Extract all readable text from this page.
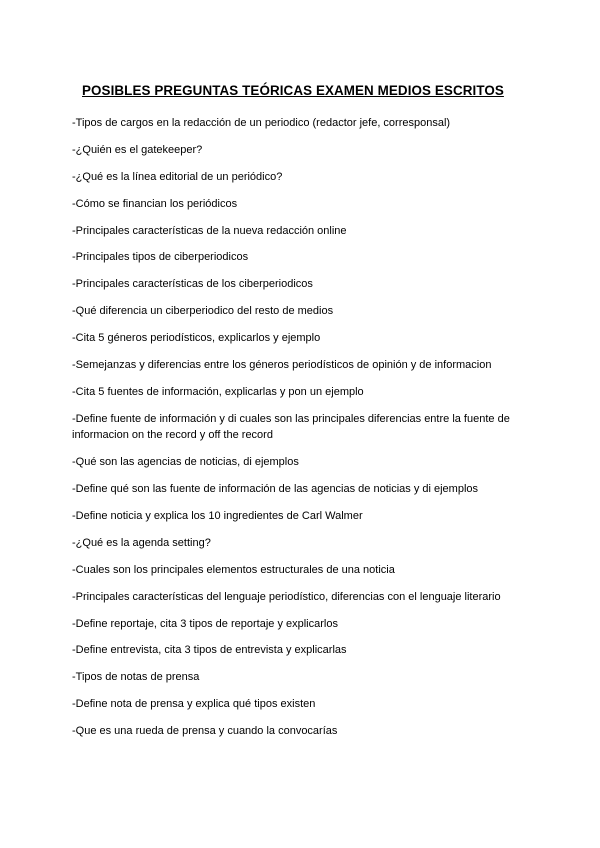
POSIBLES PREGUNTAS TEÓRICAS EXAMEN MEDIOS ESCRITOS
-Tipos de cargos en la redacción de un periodico (redactor jefe, corresponsal)
-¿Quién es el gatekeeper?
-¿Qué es la línea editorial de un periódico?
-Cómo se financian los periódicos
-Principales características de la nueva redacción online
-Principales tipos de ciberperiodicos
-Principales características de los ciberperiodicos
-Qué diferencia un ciberperiodico del resto de medios
-Cita 5 géneros periodísticos, explicarlos y ejemplo
-Semejanzas y diferencias entre los géneros periodísticos de opinión y de informacion
-Cita 5 fuentes de información, explicarlas y pon un ejemplo
-Define fuente de información y di cuales son las principales diferencias entre la fuente de informacion on the record y off the record
-Qué son las agencias de noticias, di ejemplos
-Define qué son las fuente de información de las agencias de noticias y di ejemplos
-Define noticia y explica los 10 ingredientes de Carl Walmer
-¿Qué es la agenda setting?
-Cuales son los principales elementos estructurales de una noticia
-Principales características del lenguaje periodístico, diferencias con el lenguaje literario
-Define reportaje, cita 3 tipos de reportaje y explicarlos
-Define entrevista, cita 3 tipos de entrevista y explicarlas
-Tipos de notas de prensa
-Define nota de prensa y explica qué tipos existen
-Que es una rueda de prensa y cuando la convocarías
